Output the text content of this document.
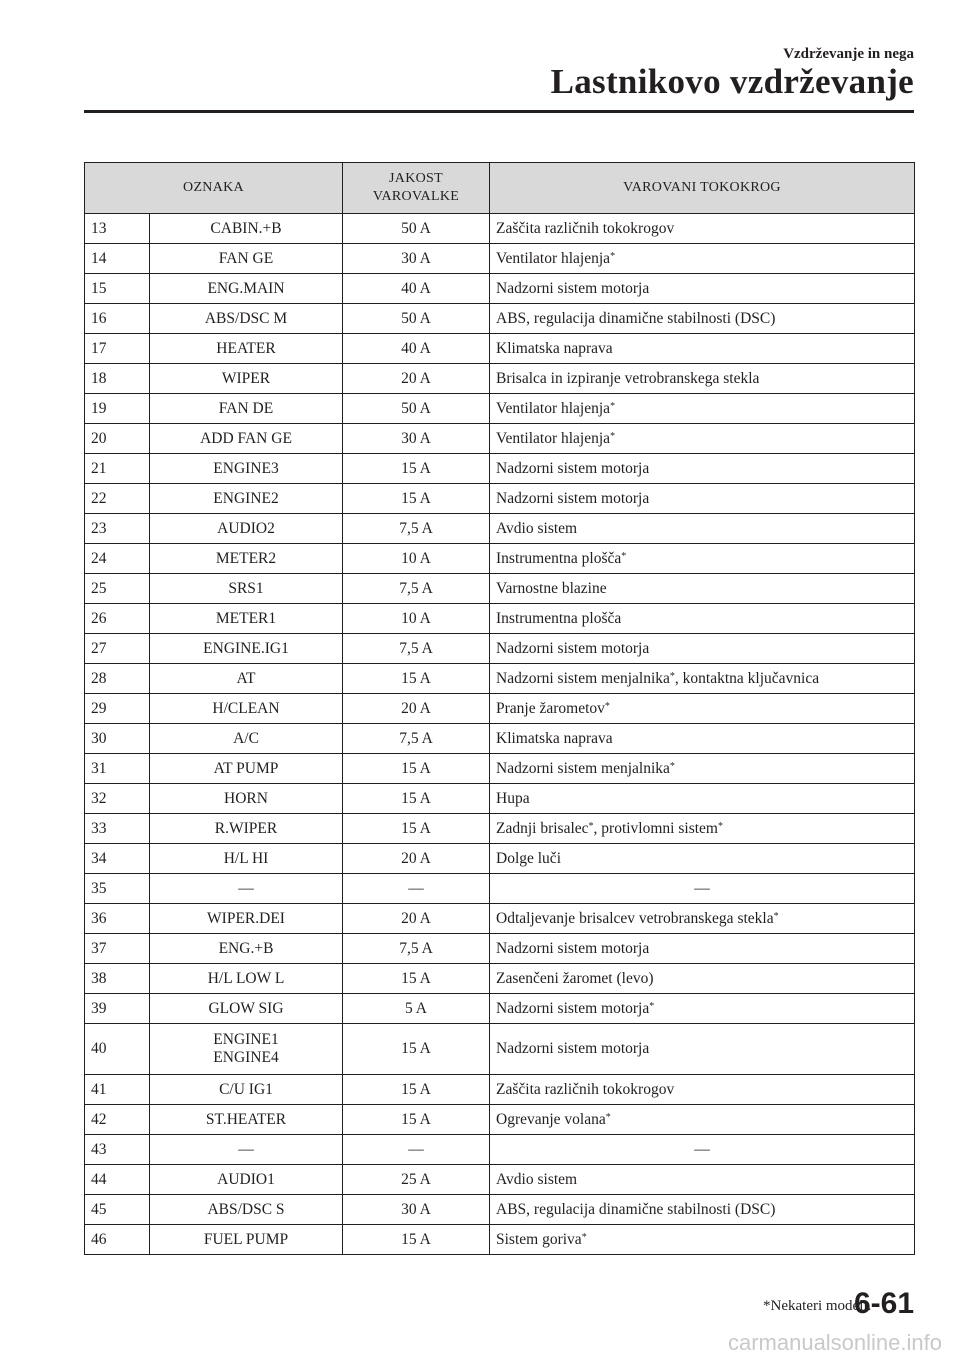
Vzdrževanje in nega
Lastnikovo vzdrževanje
OZNAKA		JAKOST
VAROVALKE	VAROVANI TOKOKROG
13	CABIN.+B	50 A	Zaščita različnih tokokrogov
14	FAN GE	30 A	Ventilator hlajenja*
15	ENG.MAIN	40 A	Nadzorni sistem motorja
16	ABS/DSC M	50 A	ABS, regulacija dinamične stabilnosti (DSC)
17	HEATER	40 A	Klimatska naprava
18	WIPER	20 A	Brisalca in izpiranje vetrobranskega stekla
19	FAN DE	50 A	Ventilator hlajenja*
20	ADD FAN GE	30 A	Ventilator hlajenja*
21	ENGINE3	15 A	Nadzorni sistem motorja
22	ENGINE2	15 A	Nadzorni sistem motorja
23	AUDIO2	7,5 A	Avdio sistem
24	METER2	10 A	Instrumentna plošča*
25	SRS1	7,5 A	Varnostne blazine
26	METER1	10 A	Instrumentna plošča
27	ENGINE.IG1	7,5 A	Nadzorni sistem motorja
28	AT	15 A	Nadzorni sistem menjalnika*, kontaktna ključavnica
29	H/CLEAN	20 A	Pranje žarometov*
30	A/C	7,5 A	Klimatska naprava
31	AT PUMP	15 A	Nadzorni sistem menjalnika*
32	HORN	15 A	Hupa
33	R.WIPER	15 A	Zadnji brisalec*, protivlomni sistem*
34	H/L HI	20 A	Dolge luči
35	—	—	—
36	WIPER.DEI	20 A	Odtaljevanje brisalcev vetrobranskega stekla*
37	ENG.+B	7,5 A	Nadzorni sistem motorja
38	H/L LOW L	15 A	Zasenčeni žaromet (levo)
39	GLOW SIG	5 A	Nadzorni sistem motorja*
40	ENGINE1
ENGINE4	15 A	Nadzorni sistem motorja
41	C/U IG1	15 A	Zaščita različnih tokokrogov
42	ST.HEATER	15 A	Ogrevanje volana*
43	—	—	—
44	AUDIO1	25 A	Avdio sistem
45	ABS/DSC S	30 A	ABS, regulacija dinamične stabilnosti (DSC)
46	FUEL PUMP	15 A	Sistem goriva*
*Nekateri modeli.
6-61
carmanualsonline.info
